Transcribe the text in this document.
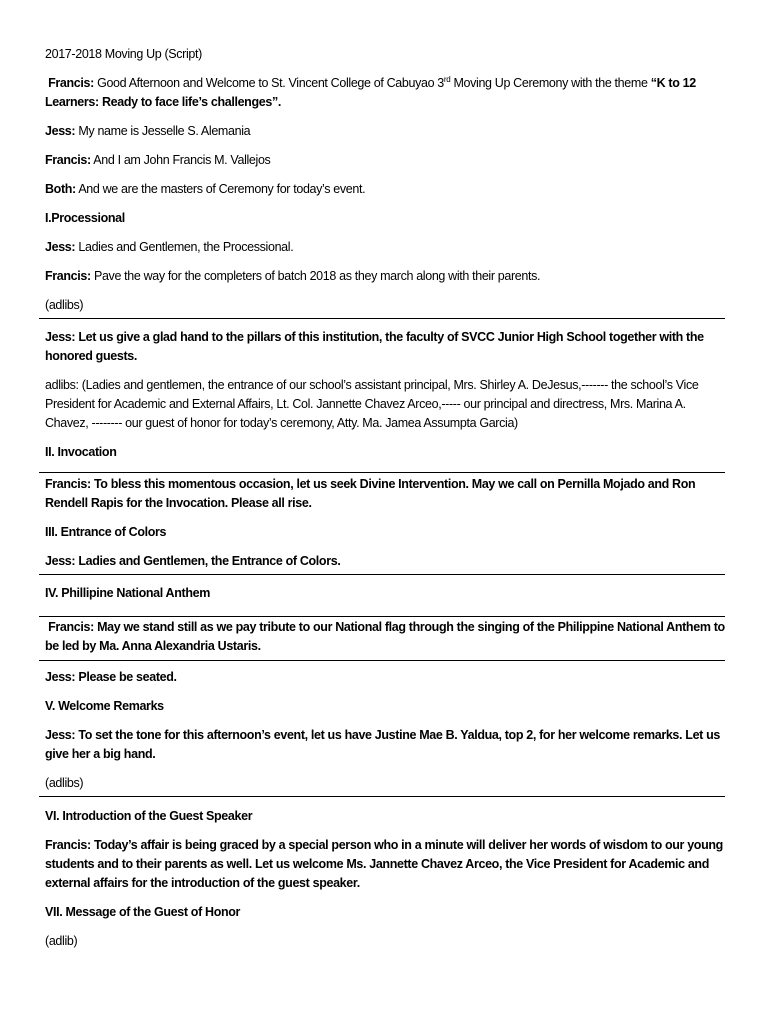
2017-2018 Moving Up (Script)

Francis: Good Afternoon and Welcome to St. Vincent College of Cabuyao 3rd Moving Up Ceremony with the theme “K to 12 Learners: Ready to face life’s challenges”.

Jess: My name is Jesselle S. Alemania

Francis: And I am John Francis M. Vallejos

Both: And we are the masters of Ceremony for today’s event.

I.Processional

Jess: Ladies and Gentlemen, the Processional.

Francis: Pave the way for the completers of batch 2018 as they march along with their parents.

(adlibs)

Jess: Let us give a glad hand to the pillars of this institution, the faculty of SVCC Junior High School together with the honored guests.

adlibs: (Ladies and gentlemen, the entrance of our school’s assistant principal, Mrs. Shirley A. DeJesus,------- the school’s Vice President for Academic and External Affairs, Lt. Col. Jannette Chavez Arceo,----- our principal and directress, Mrs. Marina A. Chavez, -------- our guest of honor for today’s ceremony, Atty. Ma. Jamea Assumpta Garcia)

II. Invocation

Francis: To bless this momentous occasion, let us seek Divine Intervention. May we call on Pernilla Mojado and Ron Rendell Rapis for the Invocation. Please all rise.

III. Entrance of Colors

Jess: Ladies and Gentlemen, the Entrance of Colors.

IV. Phillipine National Anthem

Francis: May we stand still as we pay tribute to our National flag through the singing of the Philippine National Anthem to be led by Ma. Anna Alexandria Ustaris.

Jess: Please be seated.

V. Welcome Remarks

Jess: To set the tone for this afternoon’s event, let us have Justine Mae B. Yaldua, top 2, for her welcome remarks. Let us give her a big hand.

(adlibs)

VI. Introduction of the Guest Speaker

Francis: Today’s affair is being graced by a special person who in a minute will deliver her words of wisdom to our young students and to their parents as well. Let us welcome Ms. Jannette Chavez Arceo, the Vice President for Academic and external affairs for the introduction of the guest speaker.

VII. Message of the Guest of Honor

(adlib)
